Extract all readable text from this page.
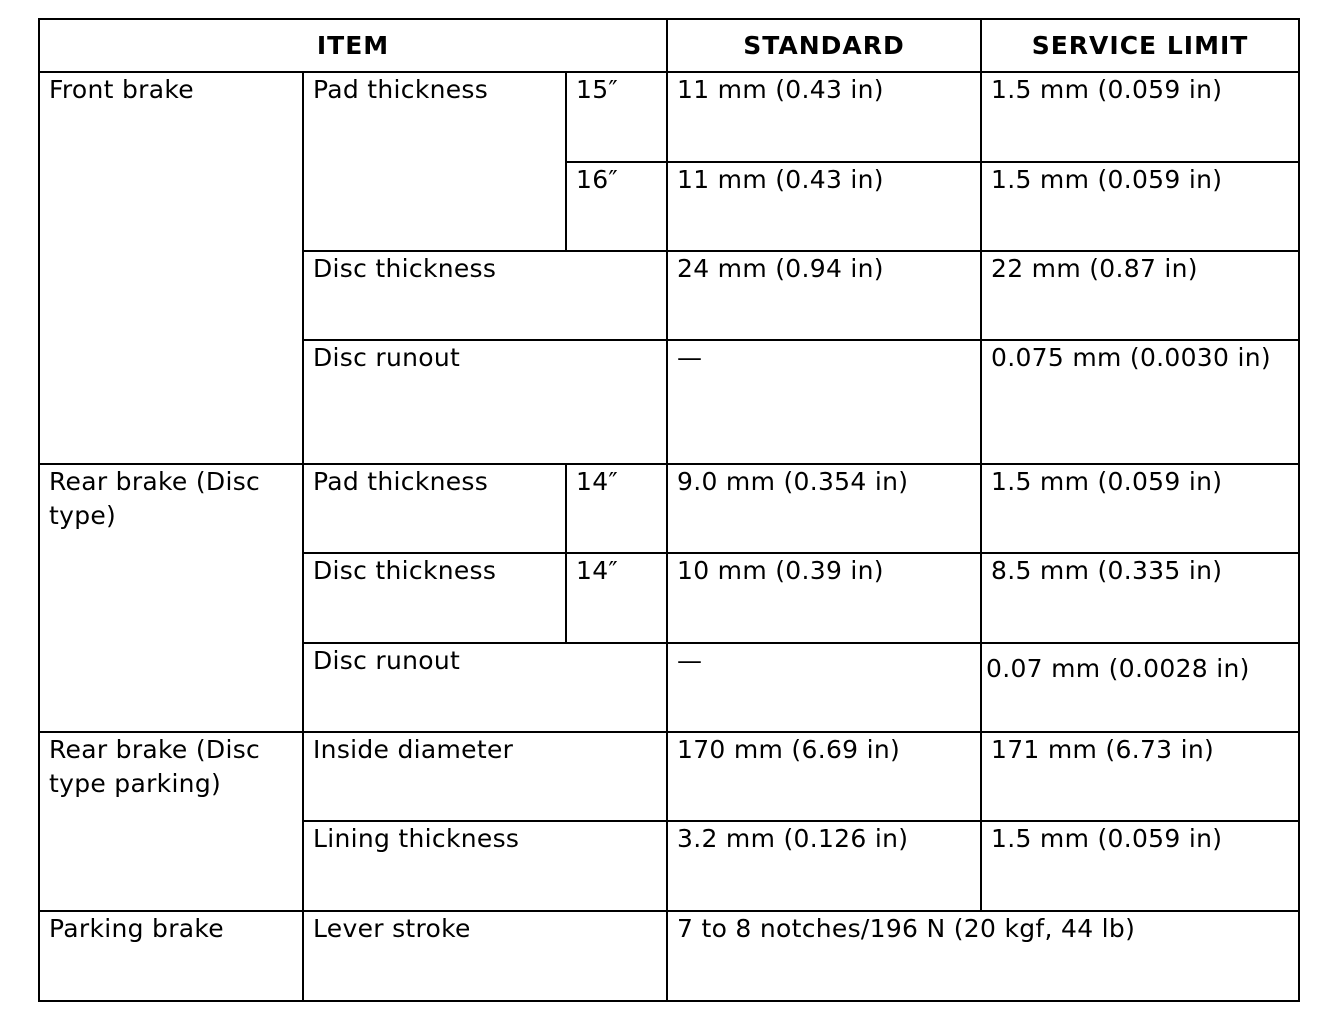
ITEM			STANDARD	SERVICE LIMIT
Front brake	Pad thickness	15″	11 mm (0.43 in)	1.5 mm (0.059 in)
		16″	11 mm (0.43 in)	1.5 mm (0.059 in)
	Disc thickness		24 mm (0.94 in)	22 mm (0.87 in)
	Disc runout		—	0.075 mm (0.0030 in)
Rear brake (Disc type)	Pad thickness	14″	9.0 mm (0.354 in)	1.5 mm (0.059 in)
	Disc thickness	14″	10 mm (0.39 in)	8.5 mm (0.335 in)
	Disc runout		—	0.07 mm (0.0028 in)
Rear brake (Disc type parking)	Inside diameter		170 mm (6.69 in)	171 mm (6.73 in)
	Lining thickness		3.2 mm (0.126 in)	1.5 mm (0.059 in)
Parking brake	Lever stroke		7 to 8 notches/196 N (20 kgf, 44 lb)	
